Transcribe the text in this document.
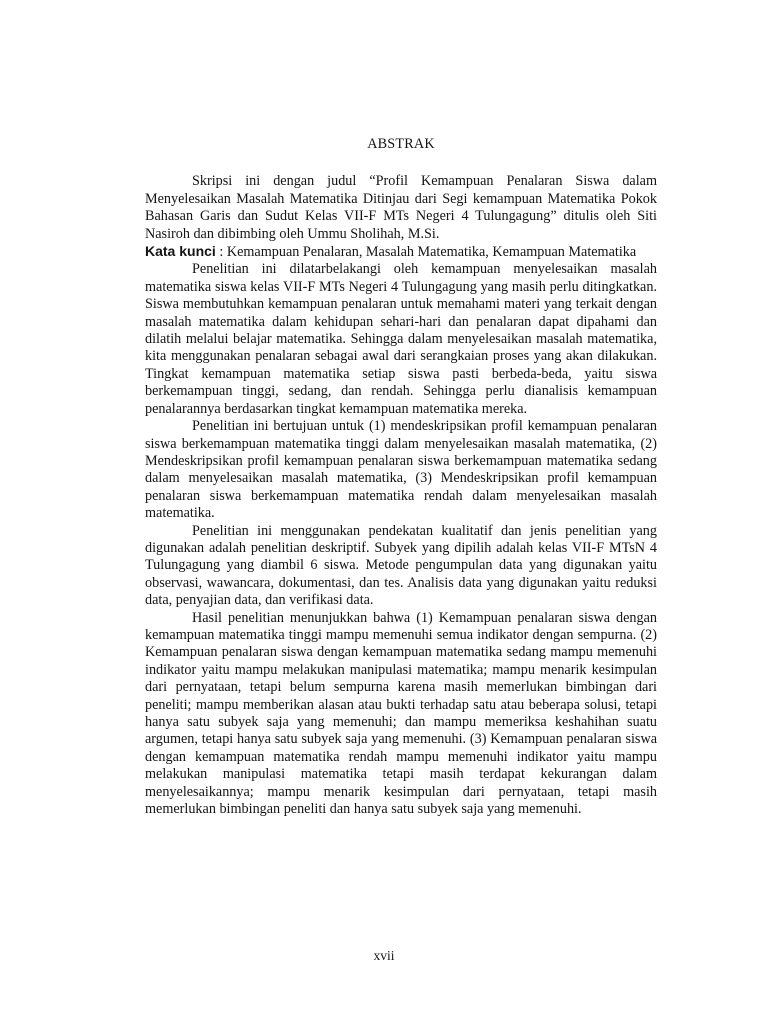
ABSTRAK

Skripsi ini dengan judul “Profil Kemampuan Penalaran Siswa dalam Menyelesaikan Masalah Matematika Ditinjau dari Segi kemampuan Matematika Pokok Bahasan Garis dan Sudut Kelas VII-F MTs Negeri 4 Tulungagung” ditulis oleh Siti Nasiroh dan dibimbing oleh Ummu Sholihah, M.Si.

Kata kunci : Kemampuan Penalaran, Masalah Matematika, Kemampuan Matematika

Penelitian ini dilatarbelakangi oleh kemampuan menyelesaikan masalah matematika siswa kelas VII-F MTs Negeri 4 Tulungagung yang masih perlu ditingkatkan. Siswa membutuhkan kemampuan penalaran untuk memahami materi yang terkait dengan masalah matematika dalam kehidupan sehari-hari dan penalaran dapat dipahami dan dilatih melalui belajar matematika. Sehingga dalam menyelesaikan masalah matematika, kita menggunakan penalaran sebagai awal dari serangkaian proses yang akan dilakukan. Tingkat kemampuan matematika setiap siswa pasti berbeda-beda, yaitu siswa berkemampuan tinggi, sedang, dan rendah. Sehingga perlu dianalisis kemampuan penalarannya berdasarkan tingkat kemampuan matematika mereka.

Penelitian ini bertujuan untuk (1) mendeskripsikan profil kemampuan penalaran siswa berkemampuan matematika tinggi dalam menyelesaikan masalah matematika, (2) Mendeskripsikan profil kemampuan penalaran siswa berkemampuan matematika sedang dalam menyelesaikan masalah matematika, (3) Mendeskripsikan profil kemampuan penalaran siswa berkemampuan matematika rendah dalam menyelesaikan masalah matematika.

Penelitian ini menggunakan pendekatan kualitatif dan jenis penelitian yang digunakan adalah penelitian deskriptif. Subyek yang dipilih adalah kelas VII-F MTsN 4 Tulungagung yang diambil 6 siswa. Metode pengumpulan data yang digunakan yaitu observasi, wawancara, dokumentasi, dan tes. Analisis data yang digunakan yaitu reduksi data, penyajian data, dan verifikasi data.

Hasil penelitian menunjukkan bahwa (1) Kemampuan penalaran siswa dengan kemampuan matematika tinggi mampu memenuhi semua indikator dengan sempurna. (2) Kemampuan penalaran siswa dengan kemampuan matematika sedang mampu memenuhi indikator yaitu mampu melakukan manipulasi matematika; mampu menarik kesimpulan dari pernyataan, tetapi belum sempurna karena masih memerlukan bimbingan dari peneliti; mampu memberikan alasan atau bukti terhadap satu atau beberapa solusi, tetapi hanya satu subyek saja yang memenuhi; dan mampu memeriksa keshahihan suatu argumen, tetapi hanya satu subyek saja yang memenuhi. (3) Kemampuan penalaran siswa dengan kemampuan matematika rendah mampu memenuhi indikator yaitu mampu melakukan manipulasi matematika tetapi masih terdapat kekurangan dalam menyelesaikannya; mampu menarik kesimpulan dari pernyataan, tetapi masih memerlukan bimbingan peneliti dan hanya satu subyek saja yang memenuhi.

xvii
